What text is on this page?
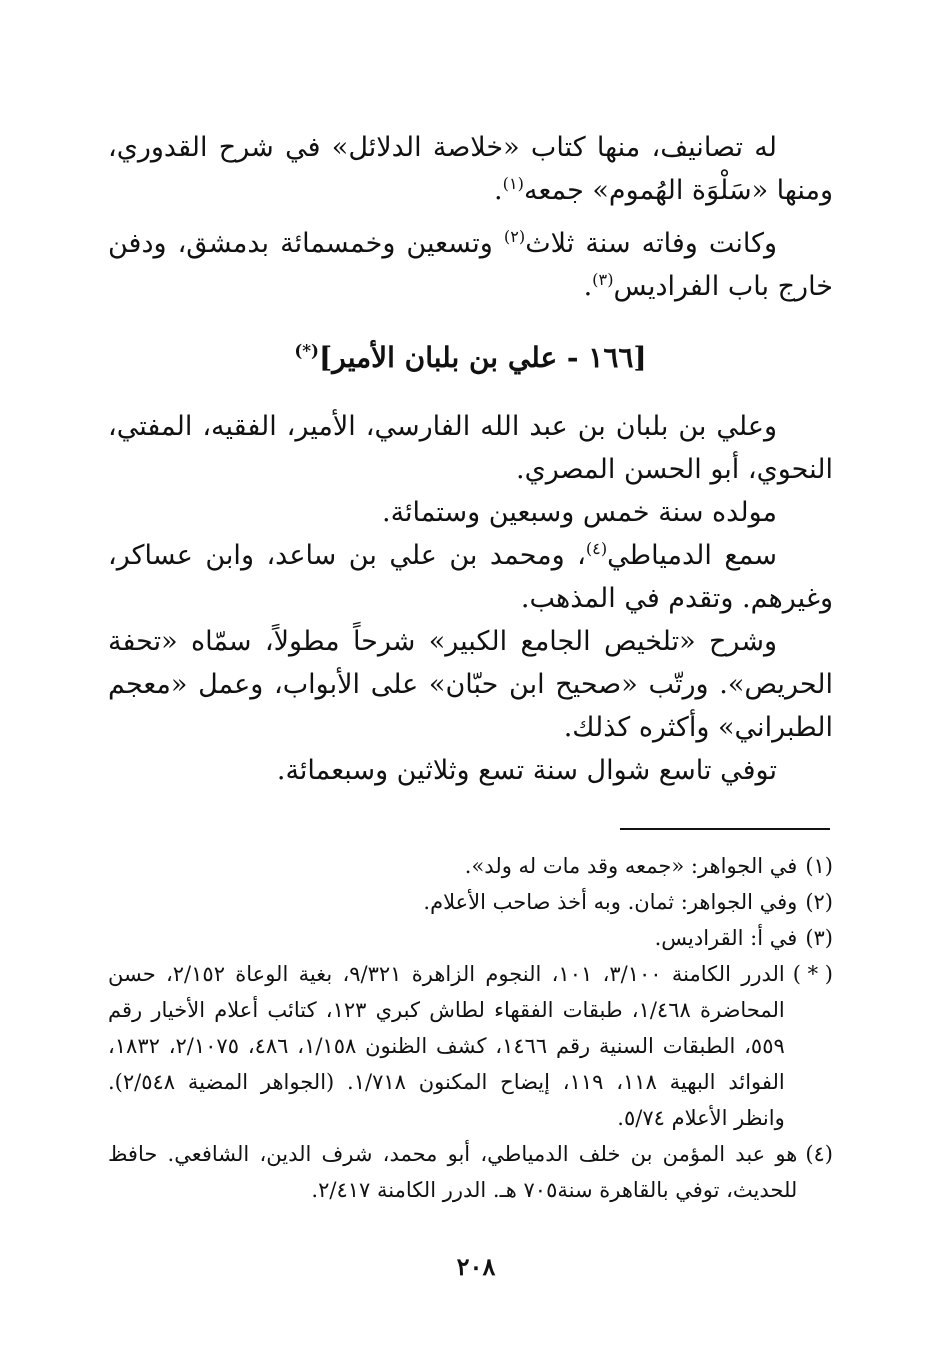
له تصانيف، منها كتاب «خلاصة الدلائل» في شرح القدوري، ومنها «سَلْوَة الهُموم» جمعه$^{(١)}$.

وكانت وفاته سنة ثلاث$^{(٢)}$ وتسعين وخمسمائة بدمشق، ودفن خارج باب الفراديس$^{(٣)}$.

[١٦٦ - علي بن بلبان الأمير](*)

وعلي بن بلبان بن عبد الله الفارسي، الأمير، الفقيه، المفتي، النحوي، أبو الحسن المصري.

مولده سنة خمس وسبعين وستمائة.

سمع الدمياطي$^{(٤)}$، ومحمد بن علي بن ساعد، وابن عساكر، وغيرهم. وتقدم في المذهب.

وشرح «تلخيص الجامع الكبير» شرحاً مطولاً، سمّاه «تحفة الحريص». ورتّب «صحيح ابن حبّان» على الأبواب، وعمل «معجم الطبراني» وأكثره كذلك.

توفي تاسع شوال سنة تسع وثلاثين وسبعمائة.

(١)
في الجواهر: «جمعه وقد مات له ولد».
(٢)
وفي الجواهر: ثمان. وبه أخذ صاحب الأعلام.
(٣)
في أ: القراديس.
( * )
الدرر الكامنة ٣/١٠٠، ١٠١، النجوم الزاهرة ٩/٣٢١، بغية الوعاة ٢/١٥٢، حسن المحاضرة ١/٤٦٨، طبقات الفقهاء لطاش كبري ١٢٣، كتائب أعلام الأخيار رقم ٥٥٩، الطبقات السنية رقم ١٤٦٦، كشف الظنون ١/١٥٨، ٤٨٦، ٢/١٠٧٥، ١٨٣٢، الفوائد البهية ١١٨، ١١٩، إيضاح المكنون ١/٧١٨. (الجواهر المضية ٢/٥٤٨). وانظر الأعلام ٥/٧٤.
(٤)
هو عبد المؤمن بن خلف الدمياطي، أبو محمد، شرف الدين، الشافعي. حافظ للحديث، توفي بالقاهرة سنة٧٠٥ هـ. الدرر الكامنة ٢/٤١٧.
٢٠٨
